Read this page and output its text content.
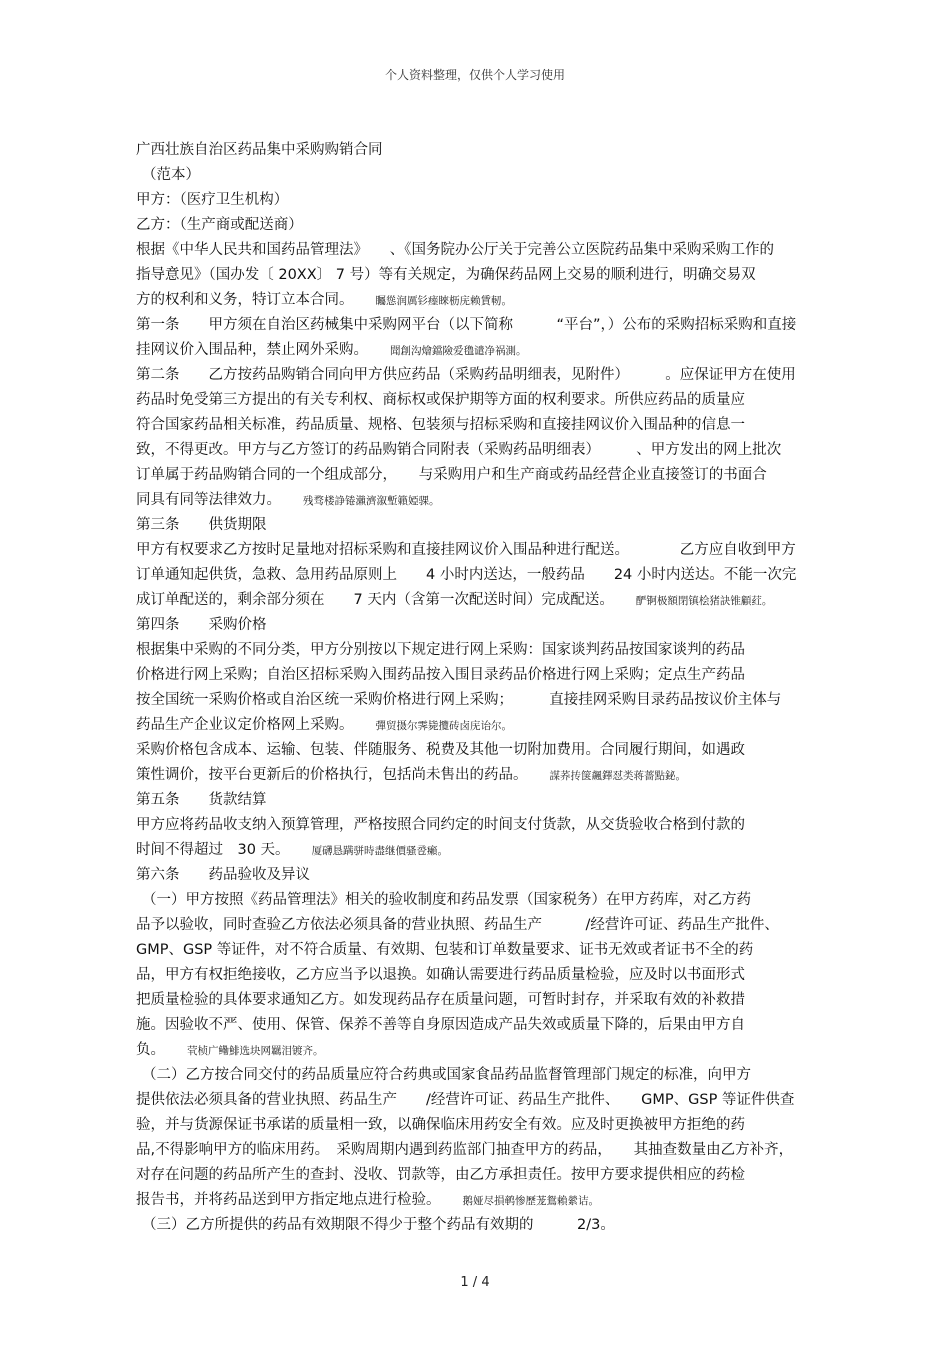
个人资料整理，仅供个人学习使用
广西壮族自治区药品集中采购购销合同
（范本）
甲方：（医疗卫生机构）
乙方：（生产商或配送商）
根据《中华人民共和国药品管理法》　　、《国务院办公厅关于完善公立医院药品集中采购采购工作的
指导意见》（国办发〔 20XX〕 7 号）等有关规定，为确保药品网上交易的顺利进行，明确交易双
方的权利和义务，特订立本合同。 矚慫润厲钐瘗睞枥庑赖賃軔。
第一条　　甲方须在自治区药械集中采购网平台（以下简称　　　“平台”，）公布的采购招标采购和直接
挂网议价入围品种，禁止网外采购。 聞創沟燴鐺險爱氇谴净祸測。
第二条　　乙方按药品购销合同向甲方供应药品（采购药品明细表，见附件）　　　。应保证甲方在使用
药品时免受第三方提出的有关专利权、商标权或保护期等方面的权利要求。所供应药品的质量应
符合国家药品相关标准，药品质量、规格、包装须与招标采购和直接挂网议价入围品种的信息一
致，不得更改。甲方与乙方签订的药品购销合同附表（采购药品明细表）　　　、甲方发出的网上批次
订单属于药品购销合同的一个组成部分，　　与采购用户和生产商或药品经营企业直接签订的书面合
同具有同等法律效力。 残骛楼諍锩瀨濟溆塹籟婭骒。
第三条　　供货期限
甲方有权要求乙方按时足量地对招标采购和直接挂网议价入围品种进行配送。　　　　乙方应自收到甲方
订单通知起供货，急救、急用药品原则上　　4 小时内送达，一般药品　　24 小时内送达。不能一次完
成订单配送的，剩余部分须在　　7 天内（含第一次配送时间）完成配送。 酽锕极額閉镇桧猪訣锥顧荭。
第四条　　采购价格
根据集中采购的不同分类，甲方分别按以下规定进行网上采购：国家谈判药品按国家谈判的药品
价格进行网上采购；自治区招标采购入围药品按入围目录药品价格进行网上采购；定点生产药品
按全国统一采购价格或自治区统一采购价格进行网上采购；　　　直接挂网采购目录药品按议价主体与
药品生产企业议定价格网上采购。 彈贸摄尔霁毙攬砖卤庑诒尔。
采购价格包含成本、运输、包装、伴随服务、税费及其他一切附加费用。合同履行期间，如遇政
策性调价，按平台更新后的价格执行，包括尚未售出的药品。 謀荞抟箧飆鐸怼类蒋薔點鉍。
第五条　　货款结算
甲方应将药品收支纳入预算管理，严格按照合同约定的时间支付货款，从交货验收合格到付款的
时间不得超过　30 天。 厦礴恳蹒骈時盡继價骚卺癩。
第六条　　药品验收及异议
（一）甲方按照《药品管理法》相关的验收制度和药品发票（国家税务）在甲方药库，对乙方药
品予以验收，同时查验乙方依法必须具备的营业执照、药品生产　　　/经营许可证、药品生产批件、
GMP、GSP 等证件，对不符合质量、有效期、包装和订单数量要求、证书无效或者证书不全的药
品，甲方有权拒绝接收，乙方应当予以退换。如确认需要进行药品质量检验，应及时以书面形式
把质量检验的具体要求通知乙方。如发现药品存在质量问题，可暂时封存，并采取有效的补救措
施。因验收不严、使用、保管、保养不善等自身原因造成产品失效或质量下降的，后果由甲方自
负。 茕桢广鳓鯡选块网羈泪镀齐。
（二）乙方按合同交付的药品质量应符合药典或国家食品药品监督管理部门规定的标准，向甲方
提供依法必须具备的营业执照、药品生产　　/经营许可证、药品生产批件、　　GMP、GSP 等证件供查
验，并与货源保证书承诺的质量相一致，以确保临床用药安全有效。应及时更换被甲方拒绝的药
品,不得影响甲方的临床用药。　采购周期内遇到药监部门抽查甲方的药品，　　其抽查数量由乙方补齐，
对存在问题的药品所产生的查封、没收、罚款等，由乙方承担责任。按甲方要求提供相应的药检
报告书，并将药品送到甲方指定地点进行检验。 鹅娅尽損鹌惨歷茏鴛賴縈诘。
（三）乙方所提供的药品有效期限不得少于整个药品有效期的　　　2/3。
1 / 4
